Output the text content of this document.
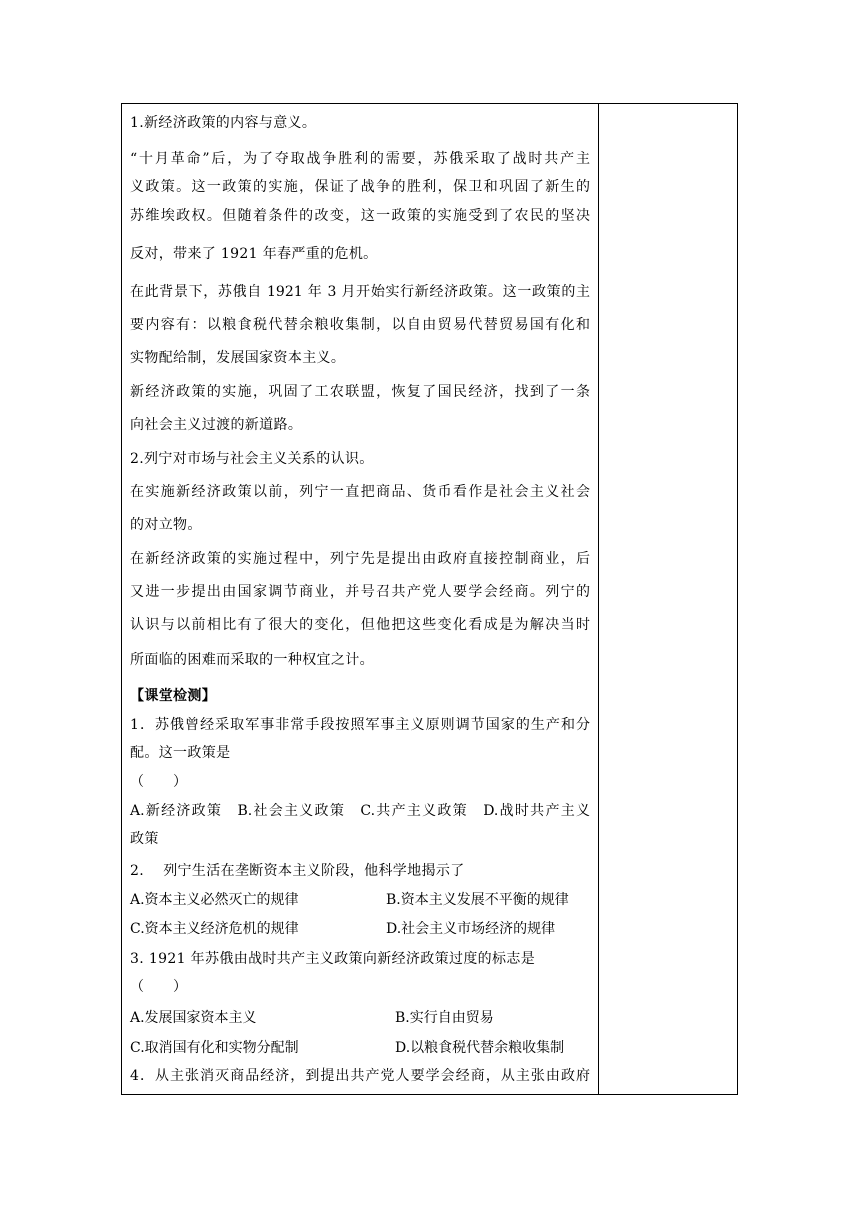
1.新经济政策的内容与意义。
“十月革命”后，为了夺取战争胜利的需要，苏俄采取了战时共产主
义政策。这一政策的实施，保证了战争的胜利，保卫和巩固了新生的
苏维埃政权。但随着条件的改变，这一政策的实施受到了农民的坚决
反对，带来了 1921 年春严重的危机。
在此背景下，苏俄自 1921 年 3 月开始实行新经济政策。这一政策的主
要内容有：以粮食税代替余粮收集制，以自由贸易代替贸易国有化和
实物配给制，发展国家资本主义。
新经济政策的实施，巩固了工农联盟，恢复了国民经济，找到了一条
向社会主义过渡的新道路。
2.列宁对市场与社会主义关系的认识。
在实施新经济政策以前，列宁一直把商品、货币看作是社会主义社会
的对立物。
在新经济政策的实施过程中，列宁先是提出由政府直接控制商业，后
又进一步提出由国家调节商业，并号召共产党人要学会经商。列宁的
认识与以前相比有了很大的变化，但他把这些变化看成是为解决当时
所面临的困难而采取的一种权宜之计。
【课堂检测】
1．苏俄曾经采取军事非常手段按照军事主义原则调节国家的生产和分
配。这一政策是
（　　）
A.新经济政策　B.社会主义政策　C.共产主义政策　D.战时共产主义
政策
2.　 列宁生活在垄断资本主义阶段，他科学地揭示了
A.资本主义必然灭亡的规律	B.资本主义发展不平衡的规律
C.资本主义经济危机的规律	D.社会主义市场经济的规律
3. 1921 年苏俄由战时共产主义政策向新经济政策过度的标志是
（　　）
A.发展国家资本主义	B.实行自由贸易
C.取消国有化和实物分配制	D.以粮食税代替余粮收集制
4．从主张消灭商品经济，到提出共产党人要学会经商，从主张由政府
